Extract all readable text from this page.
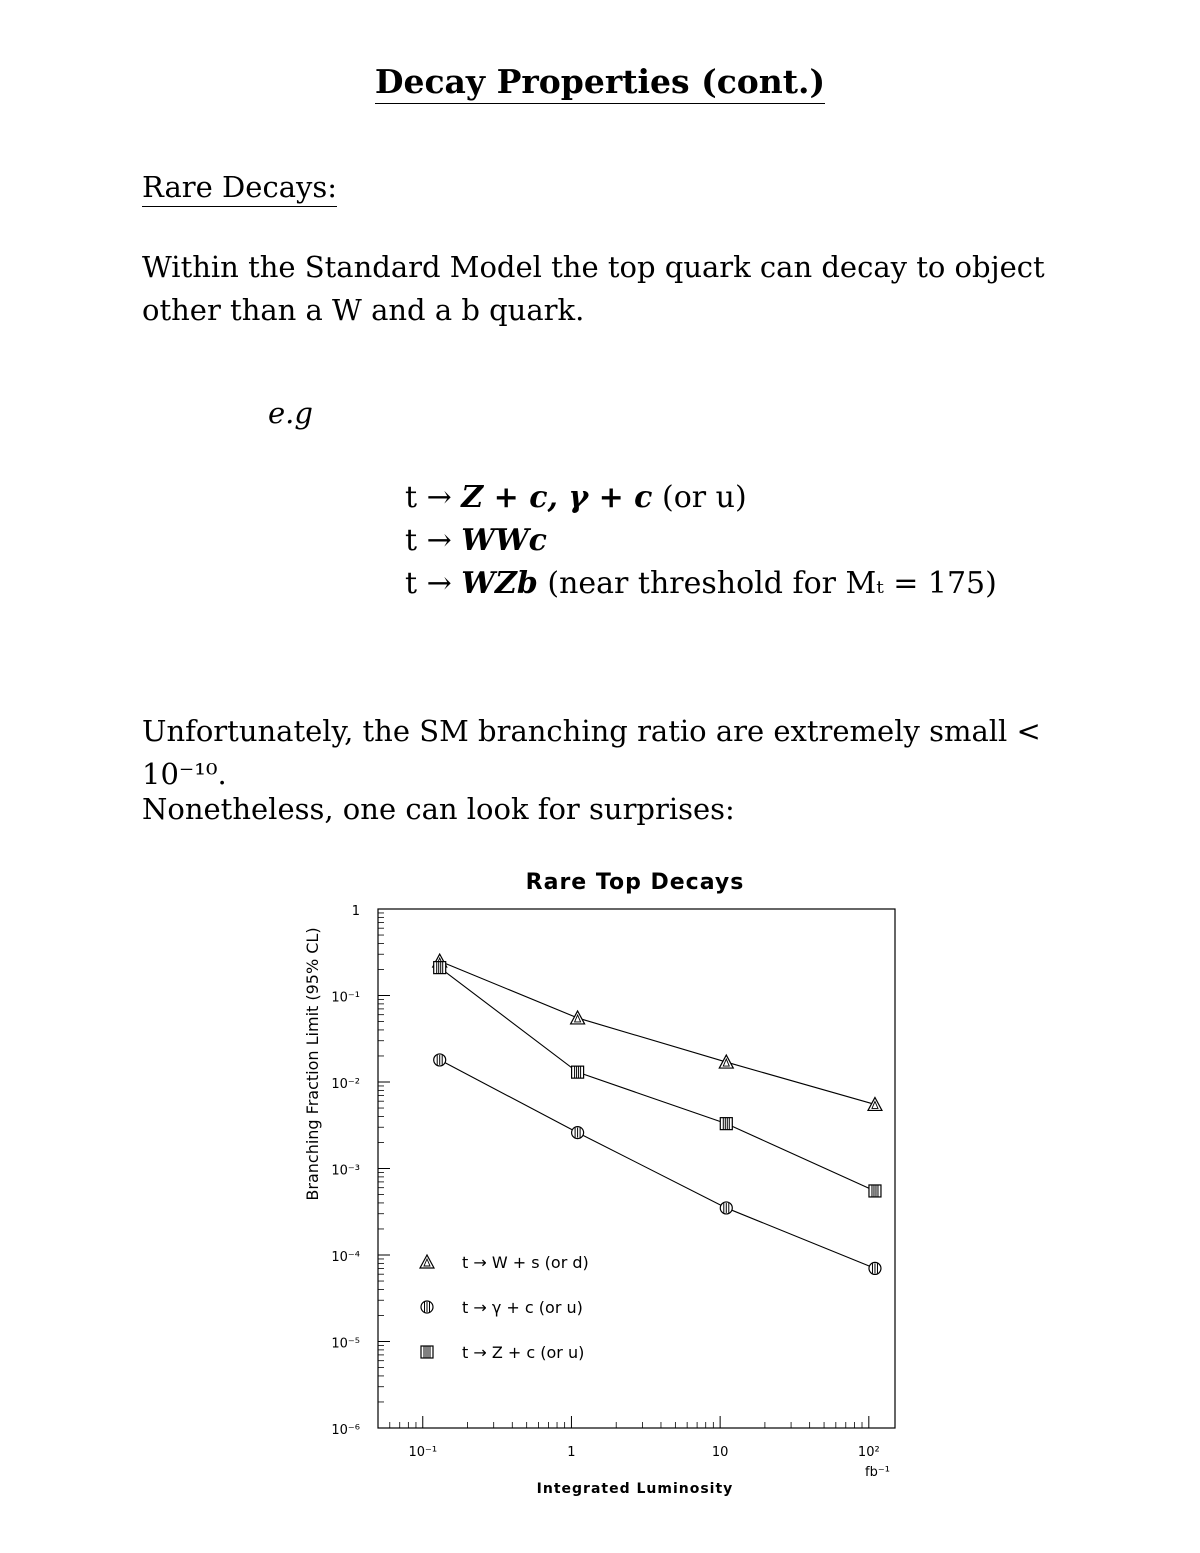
Decay Properties (cont.)
Rare Decays:
Within the Standard Model the top quark can decay to object other than a W and a b quark.
e.g
t → Z + c, γ + c (or u)
t → WWc
t → WZb (near threshold for Mₜ = 175)
Unfortunately, the SM branching ratio are extremely small < 10⁻¹⁰.
Nonetheless, one can look for surprises:
Rare Top Decays
10⁻⁶
10⁻⁵
10⁻⁴
10⁻³
10⁻²
10⁻¹
1
10⁻¹	1	10	10²
fb⁻¹
Integrated Luminosity
Branching Fraction Limit (95% CL)
t → W + s (or d)
t → γ + c (or u)
t → Z + c (or u)
